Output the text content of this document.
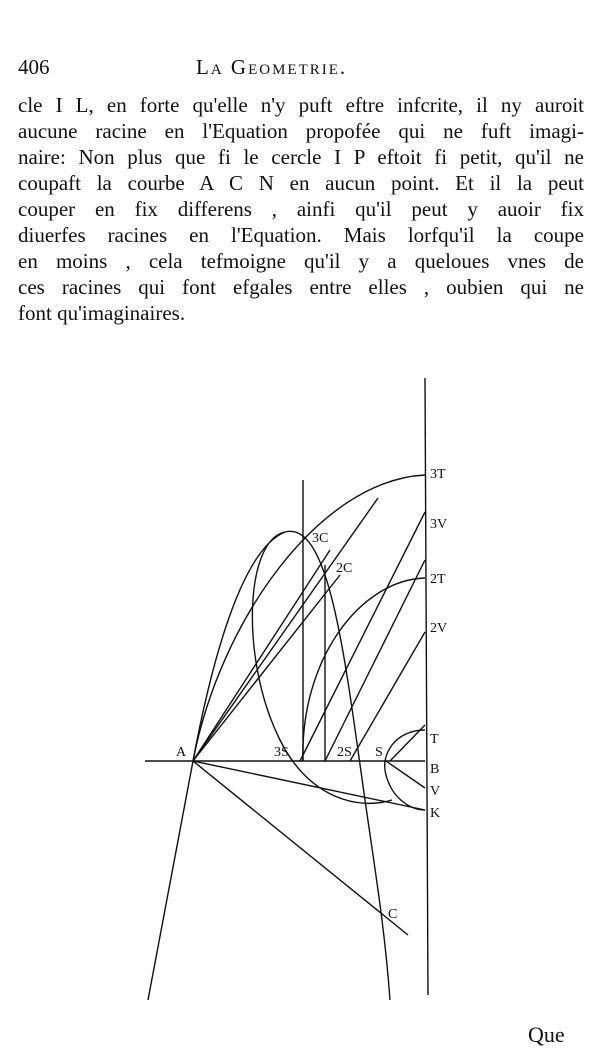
406	La Geometrie.
cle I L, en forte qu'elle n'y puft eftre infcrite, il ny auroit
aucune racine en l'Equation propofée qui ne fuft imagi-
naire: Non plus que fi le cercle I P eftoit fi petit, qu'il ne
coupaft la courbe A C N en aucun point. Et il la peut
couper en fix differens , ainfi qu'il peut y auoir fix
diuerfes racines en l'Equation. Mais lorfqu'il la coupe
en moins , cela tefmoigne qu'il y a queloues vnes de
ces racines qui font efgales entre elles , oubien qui ne
font qu'imaginaires.
3T
3V
2T
2V
3C
2C
A	3S	2S S
T
B
V
K
C
Que
